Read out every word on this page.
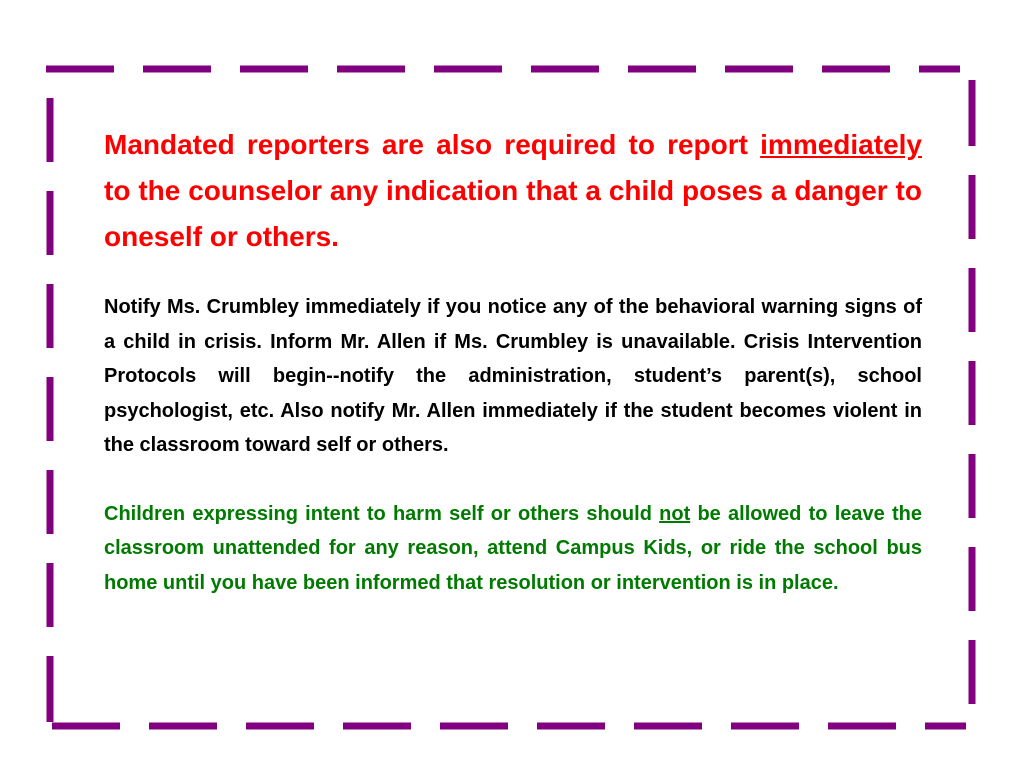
Mandated reporters are also required to report immediately to the counselor any indication that a child poses a danger to oneself or others.

Notify Ms. Crumbley immediately if you notice any of the behavioral warning signs of a child in crisis. Inform Mr. Allen if Ms. Crumbley is unavailable. Crisis Intervention Protocols will begin--notify the administration, student’s parent(s), school psychologist, etc. Also notify Mr. Allen immediately if the student becomes violent in the classroom toward self or others.

Children expressing intent to harm self or others should not be allowed to leave the classroom unattended for any reason, attend Campus Kids, or ride the school bus home until you have been informed that resolution or intervention is in place.
